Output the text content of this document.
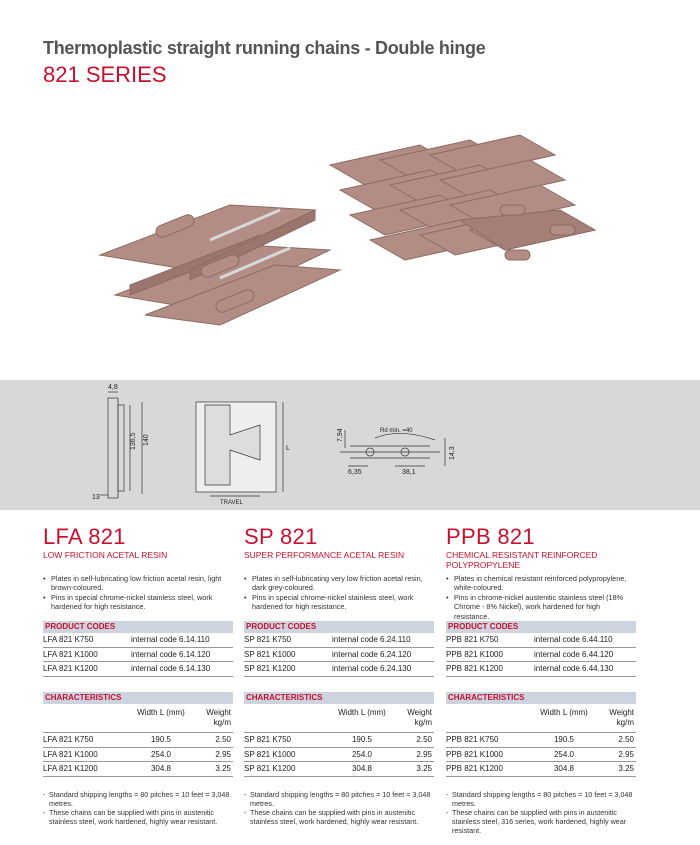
Thermoplastic straight running chains - Double hinge
821 SERIES
4,8
136,5 140
13
L
TRAVEL
Rd min. =40
7,94
6,35	38,1
14,3
LFA 821
LOW FRICTION ACETAL RESIN
• Plates in self-lubricating low friction acetal resin, light brown-coloured.
• Pins in special chrome-nickel stainless steel, work hardened for high resistance.
PRODUCT CODES
LFA 821 K750	internal code 6.14.110
LFA 821 K1000	internal code 6.14.120
LFA 821 K1200	internal code 6.14.130
CHARACTERISTICS
Width L (mm)	Weight kg/m
LFA 821 K750	190.5	2.50
LFA 821 K1000	254.0	2.95
LFA 821 K1200	304.8	3.25
- Standard shipping lengths = 80 pitches = 10 feet = 3,048 metres.
- These chains can be supplied with pins in austenitic stainless steel, work hardened, highly wear resistant.
SP 821
SUPER PERFORMANCE ACETAL RESIN
• Plates in self-lubricating very low friction acetal resin, dark grey-coloured.
• Pins in special chrome-nickel stainless steel, work hardened for high resistance.
PRODUCT CODES
SP 821 K750	internal code 6.24.110
SP 821 K1000	internal code 6.24.120
SP 821 K1200	internal code 6.24.130
CHARACTERISTICS
Width L (mm)	Weight kg/m
SP 821 K750	190.5	2.50
SP 821 K1000	254.0	2.95
SP 821 K1200	304.8	3.25
- Standard shipping lengths = 80 pitches = 10 feet = 3,048 metres.
- These chains can be supplied with pins in austenitic stainless steel, work hardened, highly wear resistant.
PPB 821
CHEMICAL RESISTANT REINFORCED POLYPROPYLENE
• Plates in chemical resistant reinforced polypropylene, white-coloured.
• Pins in chrome-nickel austenitic stainless steel (18% Chrome - 8% Nickel), work hardened for high resistance.
PRODUCT CODES
PPB 821 K750	internal code 6.44.110
PPB 821 K1000	internal code 6.44.120
PPB 821 K1200	internal code 6.44.130
CHARACTERISTICS
Width L (mm)	Weight kg/m
PPB 821 K750	190.5	2.50
PPB 821 K1000	254.0	2.95
PPB 821 K1200	304.8	3.25
- Standard shipping lengths = 80 pitches = 10 feet = 3,048 metres.
- These chains can be supplied with pins in austenitic stainless steel, 316 series, work hardened, highly wear resistant.
